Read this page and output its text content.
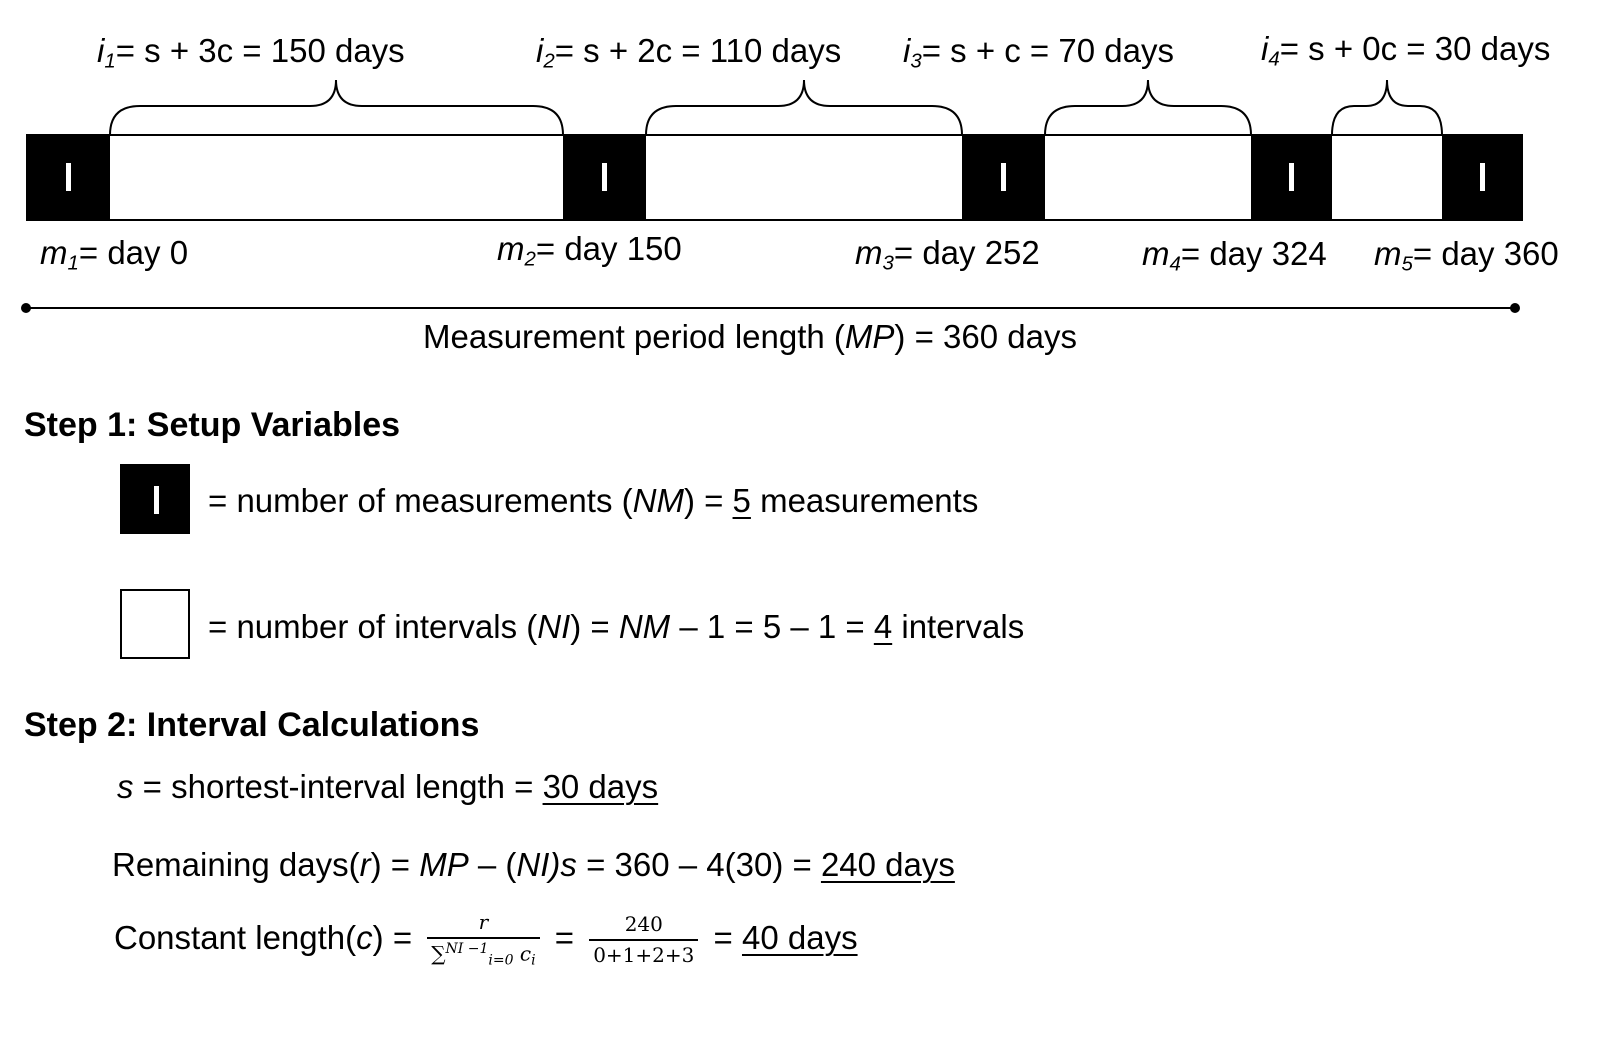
$i_1= s + 3c = 150$ days	$i_2= s + 2c = 110$ days $i_3= s + c = 70$ days	$i_4= s + 0c = 30$ days
$m_1=$ day 0	$m_2=$ day 150	$m_3=$ day 252	$m_4=$ day 324 $m_5=$ day 360
Measurement period length (MP) = 360 days
Step 1: Setup Variables
= number of measurements (NM) = 5 measurements
= number of intervals (NI) = NM – 1 = 5 – 1 = 4 intervals
Step 2: Interval Calculations
s = shortest-interval length = 30 days
Remaining days(r) = MP – (NI)s = 360 – 4(30) = 240 days
Constant length(c) = $\frac{r}{\sum^{NI -1}_{i=0} c_i} = \frac{240}{0+1+2+3} = 40$ days
